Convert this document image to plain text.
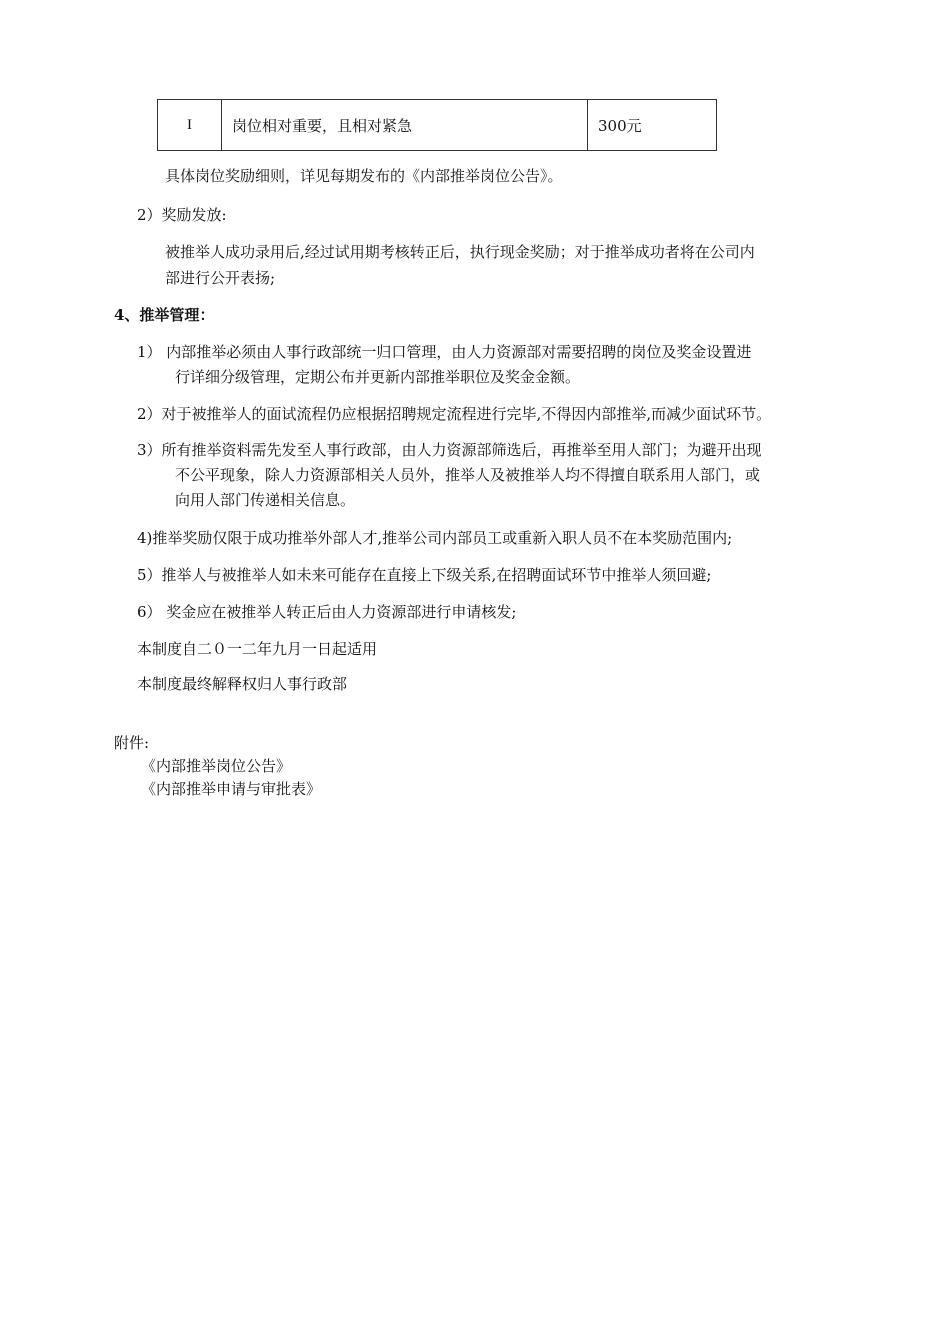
I	岗位相对重要，且相对紧急	300元
具体岗位奖励细则，详见每期发布的《内部推举岗位公告》。
2）奖励发放:
被推举人成功录用后,经过试用期考核转正后，执行现金奖励；对于推举成功者将在公司内
部进行公开表扬;
4、推举管理：
1） 内部推举必须由人事行政部统一归口管理，由人力资源部对需要招聘的岗位及奖金设置进
行详细分级管理，定期公布并更新内部推举职位及奖金金额。
2）对于被推举人的面试流程仍应根据招聘规定流程进行完毕,不得因内部推举,而减少面试环节。
3）所有推举资料需先发至人事行政部，由人力资源部筛选后，再推举至用人部门；为避开出现
不公平现象，除人力资源部相关人员外，推举人及被推举人均不得擅自联系用人部门，或
向用人部门传递相关信息。
4)推举奖励仅限于成功推举外部人才,推举公司内部员工或重新入职人员不在本奖励范围内;
5）推举人与被推举人如未来可能存在直接上下级关系,在招聘面试环节中推举人须回避;
6） 奖金应在被推举人转正后由人力资源部进行申请核发;
本制度自二０一二年九月一日起适用
本制度最终解释权归人事行政部
附件:
《内部推举岗位公告》
《内部推举申请与审批表》
